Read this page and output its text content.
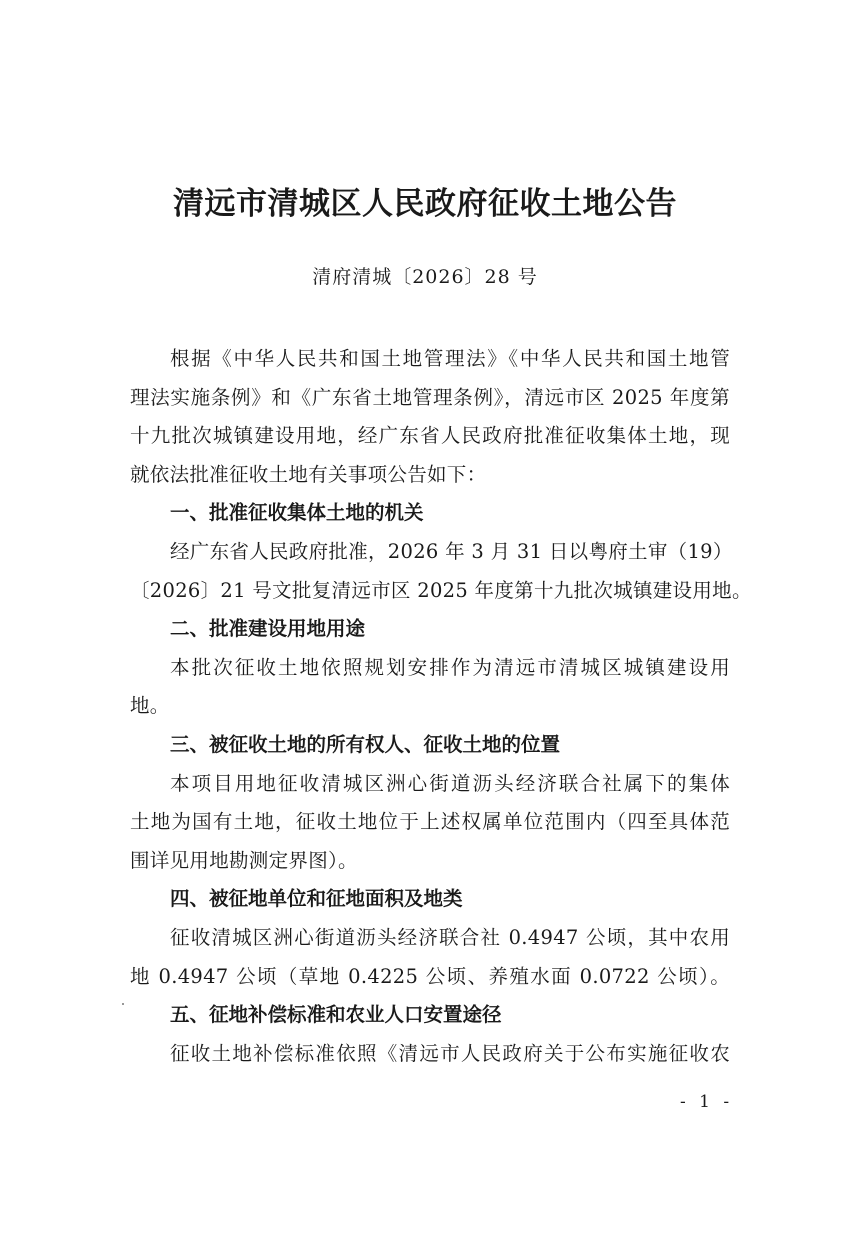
清远市清城区人民政府征收土地公告
清府清城〔2026〕28 号
根据《中华人民共和国土地管理法》《中华人民共和国土地管
理法实施条例》和《广东省土地管理条例》，清远市区 2025 年度第
十九批次城镇建设用地，经广东省人民政府批准征收集体土地，现
就依法批准征收土地有关事项公告如下：
一、批准征收集体土地的机关
经广东省人民政府批准，2026 年 3 月 31 日以粤府土审（19）
〔2026〕21 号文批复清远市区 2025 年度第十九批次城镇建设用地。
二、批准建设用地用途
本批次征收土地依照规划安排作为清远市清城区城镇建设用
地。
三、被征收土地的所有权人、征收土地的位置
本项目用地征收清城区洲心街道沥头经济联合社属下的集体
土地为国有土地，征收土地位于上述权属单位范围内（四至具体范
围详见用地勘测定界图）。
四、被征地单位和征地面积及地类
征收清城区洲心街道沥头经济联合社 0.4947 公顷，其中农用
地 0.4947 公顷（草地 0.4225 公顷、养殖水面 0.0722 公顷）。
五、征地补偿标准和农业人口安置途径
征收土地补偿标准依照《清远市人民政府关于公布实施征收农
- 1 -
